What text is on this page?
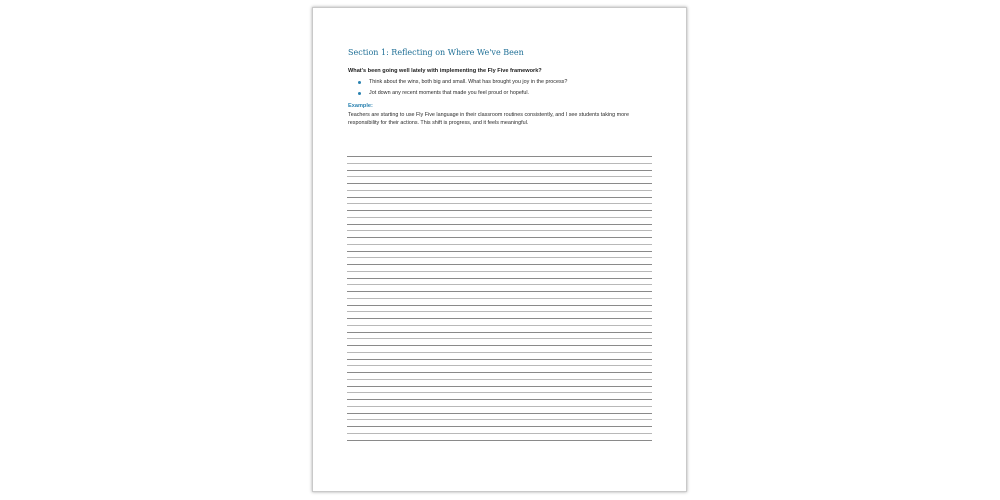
Section 1: Reflecting on Where We've Been

What's been going well lately with implementing the Fly Five framework?

Think about the wins, both big and small. What has brought you joy in the process?
Jot down any recent moments that made you feel proud or hopeful.

Example:

Teachers are starting to use Fly Five language in their classroom routines consistently, and I see students taking more responsibility for their actions. This shift is progress, and it feels meaningful.
